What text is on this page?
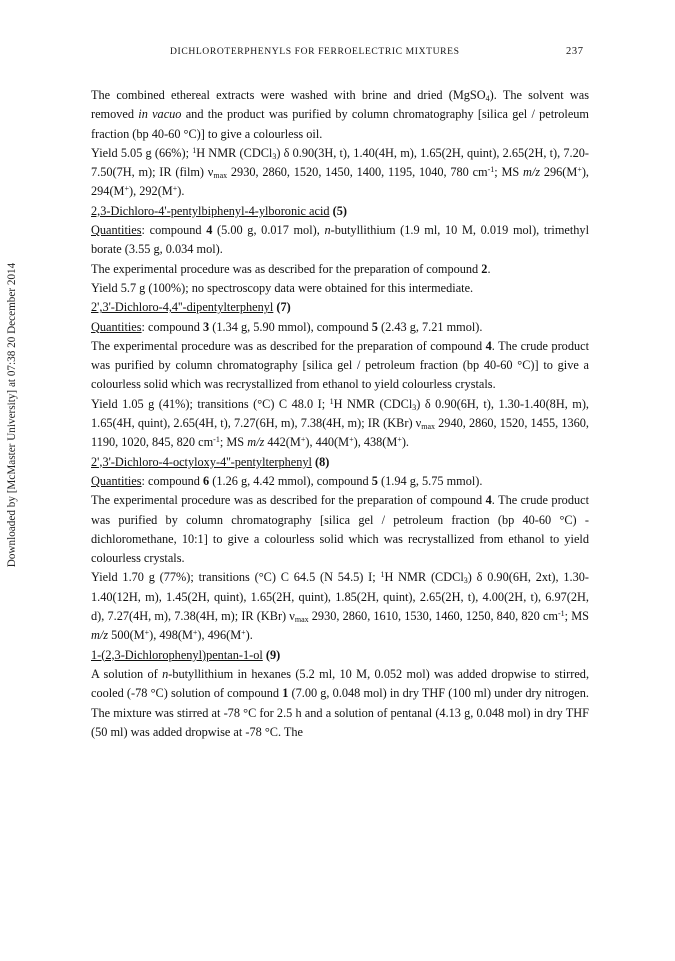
DICHLOROTERPHENYLS FOR FERROELECTRIC MIXTURES	237
Downloaded by [McMaster University] at 07:38 20 December 2014

The combined ethereal extracts were washed with brine and dried (MgSO$_4$). The solvent was removed in vacuo and the product was purified by column chromatography [silica gel / petroleum fraction (bp 40-60 °C)] to give a colourless oil.

Yield 5.05 g (66%); $^1$H NMR (CDCl$_3$) δ 0.90(3H, t), 1.40(4H, m), 1.65(2H, quint), 2.65(2H, t), 7.20-7.50(7H, m); IR (film) $\nu_{max}$ 2930, 2860, 1520, 1450, 1400, 1195, 1040, 780 $cm^{-1}$; MS m/z 296(M+), 294(M+), 292(M+).

2,3-Dichloro-4'-pentylbiphenyl-4-ylboronic acid (5)

Quantities: compound 4 (5.00 g, 0.017 mol), n-butyllithium (1.9 ml, 10 M, 0.019 mol), trimethyl borate (3.55 g, 0.034 mol).

The experimental procedure was as described for the preparation of compound 2.

Yield 5.7 g (100%); no spectroscopy data were obtained for this intermediate.

2',3'-Dichloro-4,4''-dipentylterphenyl (7)

Quantities: compound 3 (1.34 g, 5.90 mmol), compound 5 (2.43 g, 7.21 mmol).

The experimental procedure was as described for the preparation of compound 4. The crude product was purified by column chromatography [silica gel / petroleum fraction (bp 40-60 °C)] to give a colourless solid which was recrystallized from ethanol to yield colourless crystals.

Yield 1.05 g (41%); transitions (°C) C 48.0 I; $^1$H NMR (CDCl$_3$) δ 0.90(6H, t), 1.30-1.40(8H, m), 1.65(4H, quint), 2.65(4H, t), 7.27(6H, m), 7.38(4H, m); IR (KBr) $\nu_{max}$ 2940, 2860, 1520, 1455, 1360, 1190, 1020, 845, 820 $cm^{-1}$; MS m/z 442(M+), 440(M+), 438(M+).

2',3'-Dichloro-4-octyloxy-4''-pentylterphenyl (8)

Quantities: compound 6 (1.26 g, 4.42 mmol), compound 5 (1.94 g, 5.75 mmol).

The experimental procedure was as described for the preparation of compound 4. The crude product was purified by column chromatography [silica gel / petroleum fraction (bp 40-60 °C) - dichloromethane, 10:1] to give a colourless solid which was recrystallized from ethanol to yield colourless crystals.

Yield 1.70 g (77%); transitions (°C) C 64.5 (N 54.5) I; $^1$H NMR (CDCl$_3$) δ 0.90(6H, 2xt), 1.30-1.40(12H, m), 1.45(2H, quint), 1.65(2H, quint), 1.85(2H, quint), 2.65(2H, t), 4.00(2H, t), 6.97(2H, d), 7.27(4H, m), 7.38(4H, m); IR (KBr) $\nu_{max}$ 2930, 2860, 1610, 1530, 1460, 1250, 840, 820 $cm^{-1}$; MS m/z 500(M+), 498(M+), 496(M+).

1-(2,3-Dichlorophenyl)pentan-1-ol (9)

A solution of n-butyllithium in hexanes (5.2 ml, 10 M, 0.052 mol) was added dropwise to stirred, cooled (-78 °C) solution of compound 1 (7.00 g, 0.048 mol) in dry THF (100 ml) under dry nitrogen. The mixture was stirred at -78 °C for 2.5 h and a solution of pentanal (4.13 g, 0.048 mol) in dry THF (50 ml) was added dropwise at -78 °C. The
